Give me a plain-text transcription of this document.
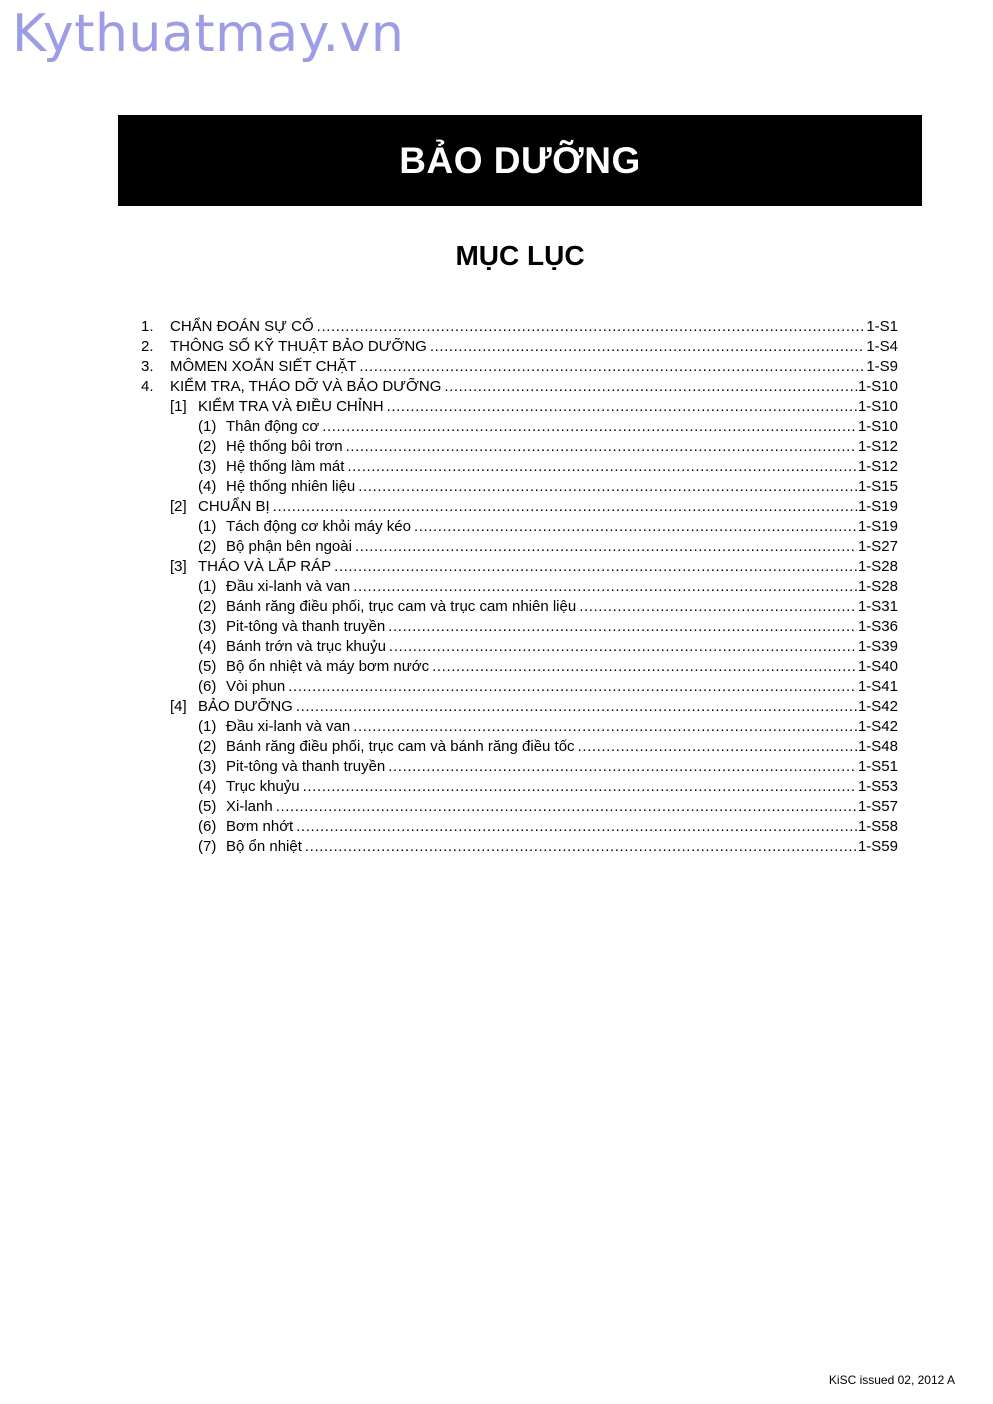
Kythuatmay.vn
BẢO DƯỠNG
MỤC LỤC
1.	CHẨN ĐOÁN SỰ CỐ .....	1-S1
2.	THÔNG SỐ KỸ THUẬT BẢO DƯỠNG .....	1-S4
3.	MÔMEN XOẮN SIẾT CHẶT .....	1-S9
4.	KIỂM TRA, THÁO DỠ VÀ BẢO DƯỠNG .....	1-S10
[1] KIỂM TRA VÀ ĐIỀU CHỈNH .....	1-S10
(1) Thân động cơ .....	1-S10
(2) Hệ thống bôi trơn .....	1-S12
(3) Hệ thống làm mát .....	1-S12
(4) Hệ thống nhiên liệu .....	1-S15
[2] CHUẨN BỊ .....	1-S19
(1) Tách động cơ khỏi máy kéo .....	1-S19
(2) Bộ phận bên ngoài .....	1-S27
[3] THÁO VÀ LẮP RÁP .....	1-S28
(1) Đầu xi-lanh và van .....	1-S28
(2) Bánh răng điều phối, trục cam và trục cam nhiên liệu .....	1-S31
(3) Pit-tông và thanh truyền .....	1-S36
(4) Bánh trớn và trục khuỷu .....	1-S39
(5) Bộ ổn nhiệt và máy bơm nước .....	1-S40
(6) Vòi phun .....	1-S41
[4] BẢO DƯỠNG .....	1-S42
(1) Đầu xi-lanh và van .....	1-S42
(2) Bánh răng điều phối, trục cam và bánh răng điều tốc .....	1-S48
(3) Pit-tông và thanh truyền .....	1-S51
(4) Trục khuỷu .....	1-S53
(5) Xi-lanh .....	1-S57
(6) Bơm nhớt .....	1-S58
(7) Bộ ổn nhiệt .....	1-S59
KiSC issued 02, 2012 A
